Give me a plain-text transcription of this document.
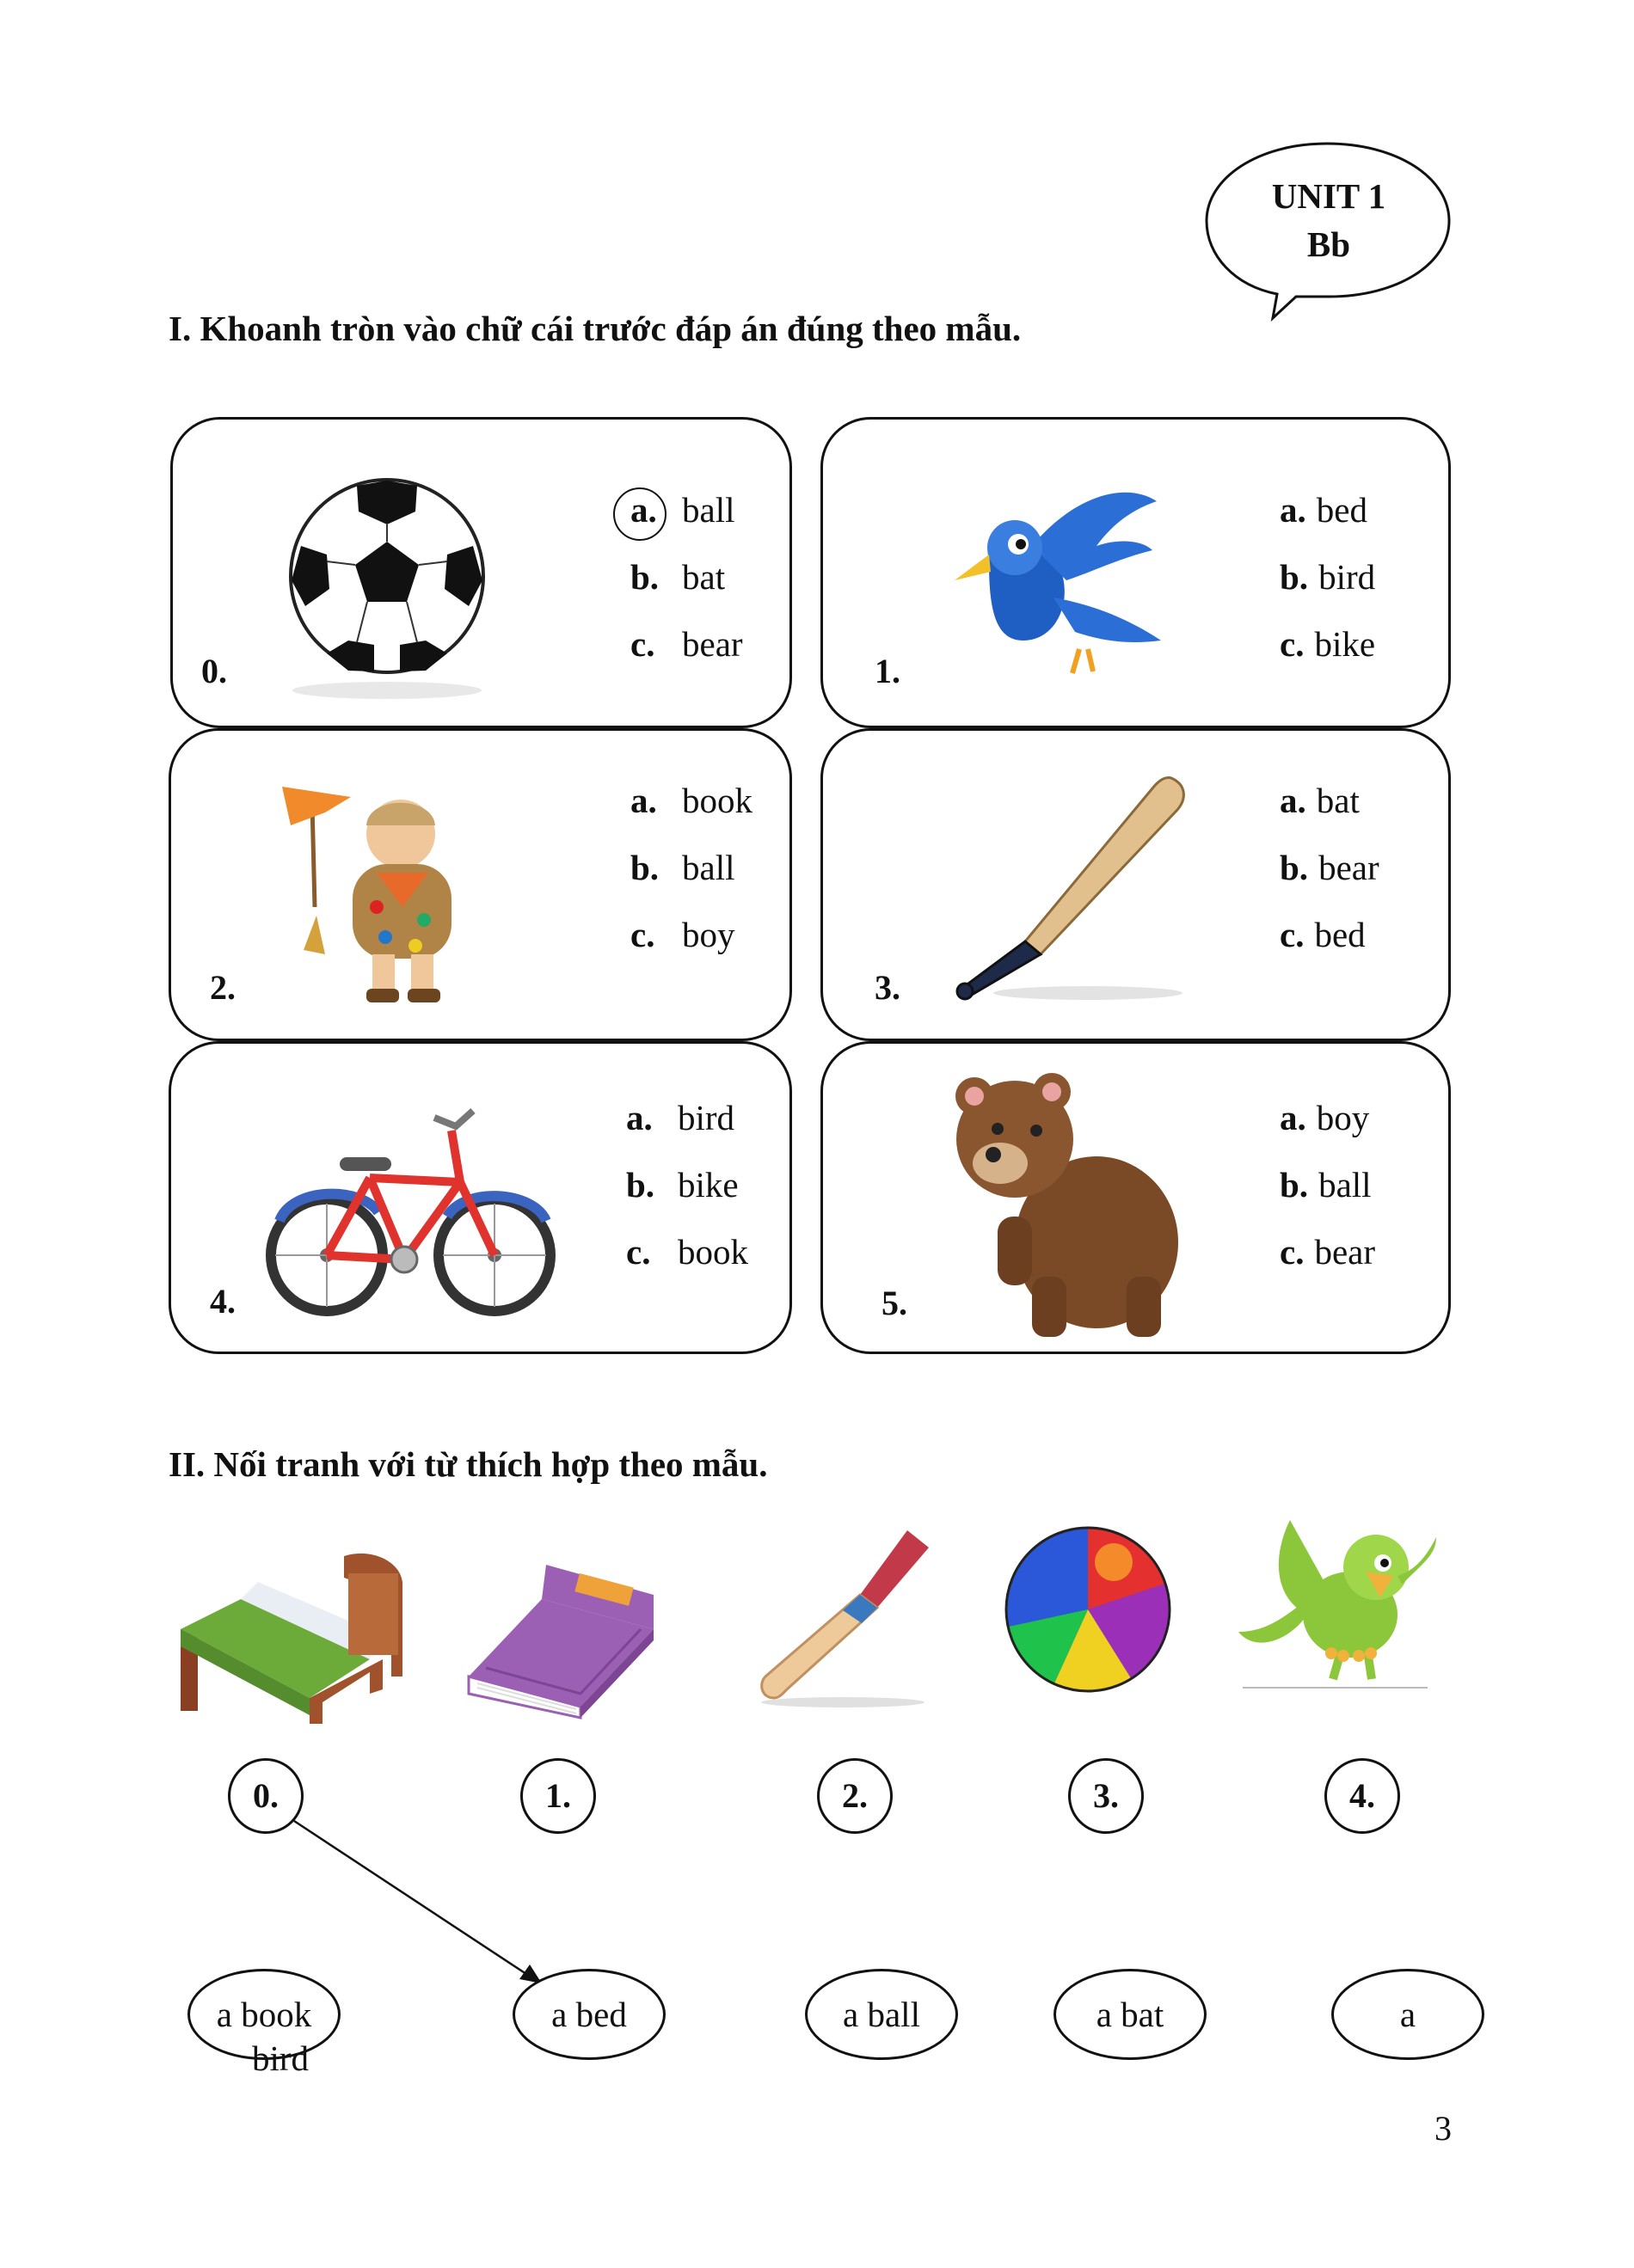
UNIT 1
Bb
I. Khoanh tròn vào chữ cái trước đáp án đúng theo mẫu.
a. ball
b. bat
c. bear
0.
a. bed
b. bird
c. bike
1.
a. book
b. ball
c. boy
2.
a. bat
b. bear
c. bed
3.
a. bird
b. bike
c. book
4.
a. boy
b. ball
c. bear
5.
II. Nối tranh với từ thích hợp theo mẫu.
0.	1.	2.	3.	4.
a book
bird
a bed	a ball	a bat	a
3
